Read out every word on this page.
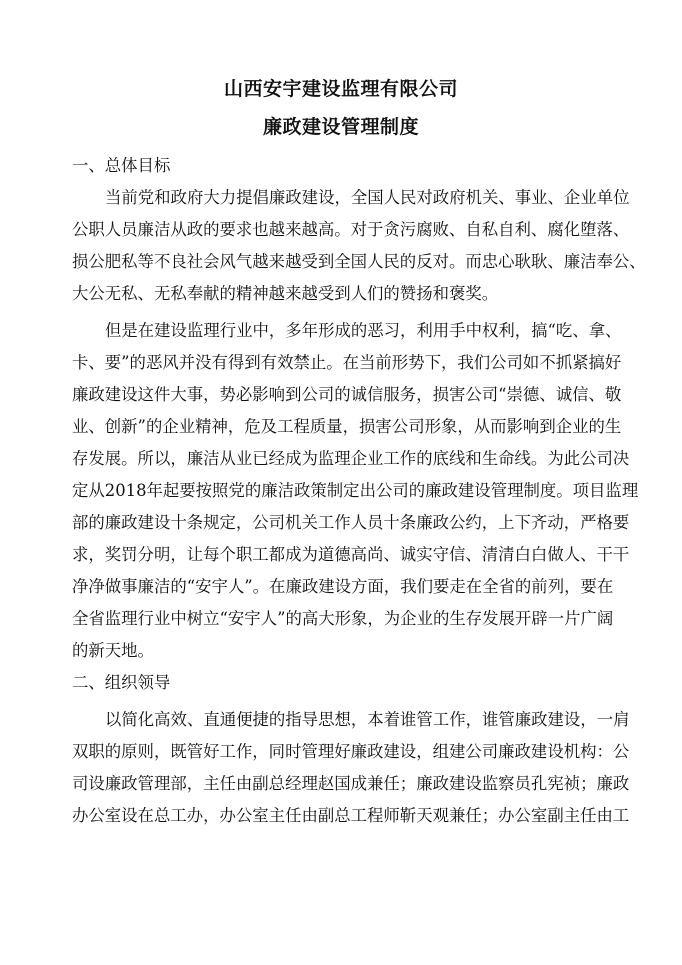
山西安宇建设监理有限公司
廉政建设管理制度
一、总体目标
当前党和政府大力提倡廉政建设，全国人民对政府机关、事业、企业单位
公职人员廉洁从政的要求也越来越高。对于贪污腐败、自私自利、腐化堕落、
损公肥私等不良社会风气越来越受到全国人民的反对。而忠心耿耿、廉洁奉公、
大公无私、无私奉献的精神越来越受到人们的赞扬和褒奖。
但是在建设监理行业中，多年形成的恶习，利用手中权利，搞“吃、拿、
卡、要”的恶风并没有得到有效禁止。在当前形势下，我们公司如不抓紧搞好
廉政建设这件大事，势必影响到公司的诚信服务，损害公司“崇德、诚信、敬
业、创新”的企业精神，危及工程质量，损害公司形象，从而影响到企业的生
存发展。所以，廉洁从业已经成为监理企业工作的底线和生命线。为此公司决
定从2018年起要按照党的廉洁政策制定出公司的廉政建设管理制度。项目监理
部的廉政建设十条规定，公司机关工作人员十条廉政公约，上下齐动，严格要
求，奖罚分明，让每个职工都成为道德高尚、诚实守信、清清白白做人、干干
净净做事廉洁的“安宇人”。在廉政建设方面，我们要走在全省的前列，要在
全省监理行业中树立“安宇人”的高大形象，为企业的生存发展开辟一片广阔
的新天地。
二、组织领导
以简化高效、直通便捷的指导思想，本着谁管工作，谁管廉政建设，一肩
双职的原则，既管好工作，同时管理好廉政建设，组建公司廉政建设机构：公
司设廉政管理部，主任由副总经理赵国成兼任；廉政建设监察员孔宪祯；廉政
办公室设在总工办，办公室主任由副总工程师靳天观兼任；办公室副主任由工
